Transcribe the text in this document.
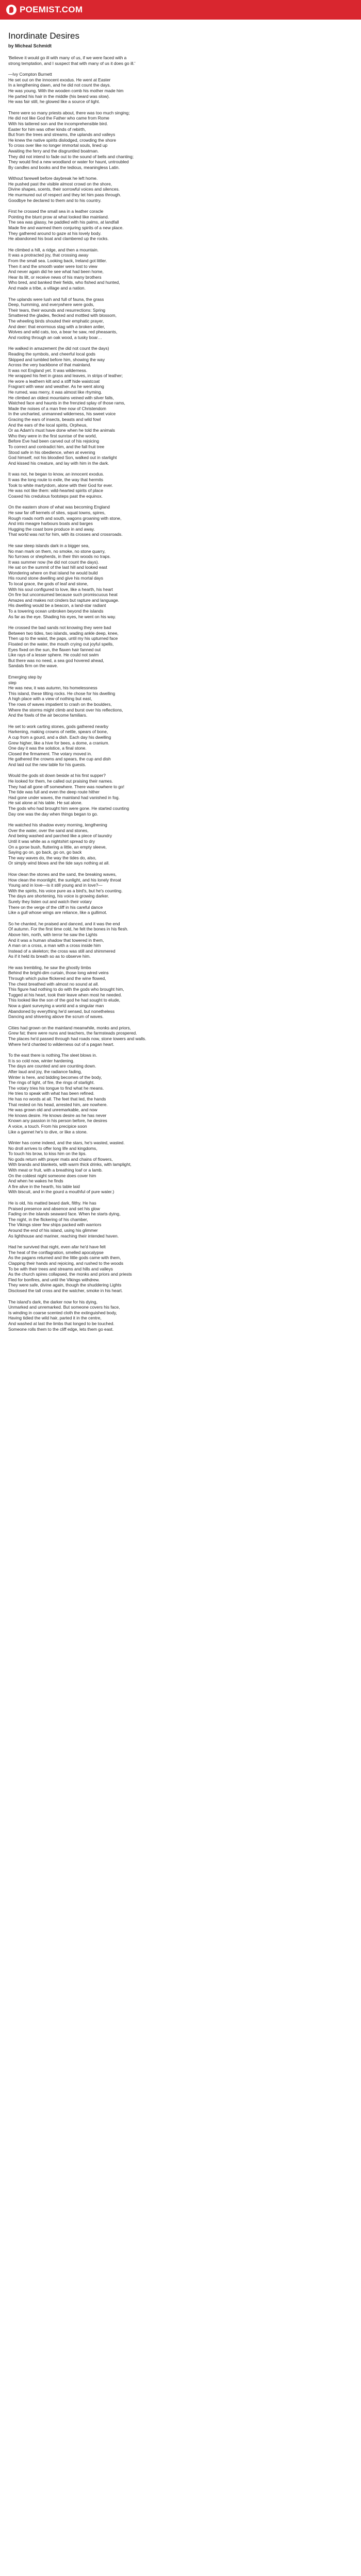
POEMIST.COM
Inordinate Desires
by Micheal Schmidt
'Believe it would go ill with many of us, if we were faced with a
strong temptation, and I suspect that with many of us it does go ill.'
—Ivy Compton Burnett
He set out on the innocent exodus. He went at Easter
In a lengthening dawn, and he did not count the days.
He was young. With the wooden comb his mother made him
He parted his hair in the middle (his beard was slow).
He was fair still, he glowed like a source of light.
There were so many priests about, there was too much singing;
He did not like God the Father who came from Rome
With his tattered son and the incomprehensible bird.
Easter for him was other kinds of rebirth,
But from the trees and streams, the uplands and valleys
He knew the native spirits dislodged, crowding the shore
To cross over like no longer immortal souls, lined up
Awaiting the ferry and the disgruntled boatman.
They did not intend to fade out to the sound of bells and chanting;
They would find a new woodland or water for haunt, untroubled
By candles and books and the tedious, meaningless Latin.
Without farewell before daybreak he left home.
He pushed past the visible almost crowd on the shore,
Divine shapes, scents, their sorrowful voices and silences.
He murmured out of respect and they let him pass through.
Goodbye he declared to them and to his country.
First he crossed the small sea in a leather coracle
Pointing the blunt prow at what looked like mainland.
The sea was glassy, he paddled with his palms, at landfall
Made fire and warmed them conjuring spirits of a new place.
They gathered around to gaze at his lovely body.
He abandoned his boat and clambered up the rocks.
He climbed a hill, a ridge, and then a mountain.
It was a protracted joy, that crossing away
From the small sea. Looking back, Ireland got littler.
Then it and the smooth water were lost to view
And never again did he see what had been home,
Hear its lilt, or receive news of his many brothers
Who bred, and banked their fields, who fished and hunted,
And made a tribe, a village and a nation.
The uplands were lush and full of fauna, the grass
Deep, humming, and everywhere were gods,
Their tears, their wounds and resurrections: Spring
Smattered the glades, flecked and mottled with blossom,
The wheeling birds shouted their emphatic prayer,
And deer: that enormous stag with a broken antler,
Wolves and wild cats, too, a bear he saw, red pheasants,
And rooting through an oak wood, a tusky boar…
He walked in amazement (he did not count the days)
Reading the symbols, and cheerful local gods
Skipped and tumbled before him, showing the way
Across the very backbone of that mainland.
It was not England yet. It was wilderness.
He wrapped his feet in grass and leaves, in strips of leather;
He wore a leathern kilt and a stiff hide waistcoat
Fragrant with wear and weather. As he went along
He rumed, was merry, it was almost like rhyming.
He climbed an oldest mountains veined with silver falls,
Watched face and haunts in the frenzied splay of those rams,
Made the noises of a man free now of Christendom
In the uncharted, unmanned wilderness, his sweet voice
Gracing the ears of insects, beasts and wild fowl
And the ears of the local spirits, Orpheus,
Or as Adam's must have done when he told the animals
Who they were in the first sunrise of the world,
Before Eve had been carved out of his rejoicing
To correct and contradict him, and the fall fruit tree
Stood safe in his obedience, when at evening
God himself, not his bloodied Son, walked out in starlight
And kissed his creature, and lay with him in the dark.
It was not, he began to know, an innocent exodus.
It was the long route to exile, the way that hermits
Took to white martyrdom, alone with their God for ever.
He was not like them: wild-hearted spirits of place
Coaxed his credulous footsteps past the equinox.
On the eastern shore of what was becoming England
He saw far off kernels of sites, squat towns, spires,
Rough roads north and south, wagons groaning with stone,
And into meagre harbours boats and barges
Hugging the coast bore produce in and away.
That world was not for him, with its crosses and crossroads.
He saw steep islands dark in a bigger sea,
No man mark on them, no smoke, no stone quarry,
No furrows or shepherds, in their thin woods no traps.
It was summer now (he did not count the days).
He sat on the summit of the last hill and looked east
Wondering where on that island he would build
His round stone dwelling and give his mortal days
To local grace, the gods of leaf and stone,
With his soul configured to love, like a hearth, his heart
On fire but unconsumed because such promiscuous heat
Amazes and makes not cinders but rapture and language.
His dwelling would be a beacon, a land-star radiant
To a towering ocean unbroken beyond the islands
As far as the eye. Shading his eyes, he went on his way.
He crossed the bad sands not knowing they were bad
Between two tides, two islands, wading ankle deep, knee,
Then up to the waist, the paps, until my his upturned face
Floated on the water, the mouth crying out joyful spells,
Eyes fixed on the sun, the flaxen hair fanned out
Like rays of a lesser sphere. He could not swim
But there was no need, a sea god hovered ahead,
Sandals firm on the wave.
Emerging step by
step
He was new, it was autumn, his homelessness
This island, these tilting rocks. He chose for his dwelling
A high place with a view of nothing but east,
The rows of waves impatient to crash on the boulders,
Where the storms might climb and burst over his reflections,
And the fowls of the air become familiars.
He set to work carting stones, gods gathered nearby
Harkening, making crowns of nettle, spears of bone,
A cup from a gourd, and a dish. Each day his dwelling
Grew higher, like a hive for bees, a dome, a cranium.
One day it was the solstice, a final stone.
Closed the firmament. The votary moved in.
He gathered the crowns and spears, the cup and dish
And laid out the new table for his guests.
Would the gods sit down beside at his first supper?
He looked for them, he called out praising their names.
They had all gone off somewhere. There was nowhere to go!
The tide was full and even the deep route hither
Had gone under waves, the mainland had vanished in fog.
He sat alone at his table. He sat alone.
The gods who had brought him were gone. He started counting
Day one was the day when things began to go.
He watched his shadow every morning, lengthening
Over the water, over the sand and stones,
And being washed and parched like a piece of laundry
Until it was white as a nightshirt spread to dry
On a gorse bush, fluttering a little, an empty sleeve,
Saying go on, go back, go on, go back
The way waves do, the way the tides do, also,
Or simply wind blows and the tide says nothing at all.
How clean the stones and the sand, the breaking waves,
How clean the moonlight, the sunlight, and his lonely throat
Young and in love—is it still young and in love?—
With the spirits, his voice pure as a bird's, but he's counting.
The days are shortening, his voice is growing darker.
Surely they listen out and watch their votary
There on the verge of the cliff in his careful dance
Like a gull whose wings are reliance, like a gullimot.
So he chanted, he praised and danced, and it was the end
Of autumn. For the first time cold, he felt the bones in his flesh.
Above him, north, with terror he saw the Lights
And it was a human shadow that towered in them,
A man on a cross, a man with a cross inside him
Instead of a skeleton; the cross was still and shimmered
As if it held its breath so as to observe him.
He was trembling, he saw the ghostly limbs
Behind the bright-dim curtain, those long wired veins
Through which pulse flickered and the wine flowed,
The chest breathed with almost no sound at all.
This figure had nothing to do with the gods who brought him,
Tugged at his heart, took their leave when most he needed.
This looked like the son of the god he had sought to elude,
Now a giant surveying a world and a singular man
Abandoned by everything he'd sensed, but nonetheless
Dancing and shivering above the scrum of waves.
Cities had grown on the mainland meanwhile, monks and priors,
Grew fat; there were nuns and teachers, the farmsteads prospered.
The places he'd passed through had roads now, stone towers and walls.
Where he'd chanted to wilderness out of a pagan heart.
To the east there is nothing.The sleet blows in.
It is so cold now, winter hardening.
The days are counted and are counting down.
After laud and joy, the radiance fading,
Winter is here, and bidding becomes of the body,
The rings of light, of fire, the rings of starlight.
The votary tries his tongue to find what he means.
He tries to speak with what has been refined.
He has no words at all. The feet that led, the hands
That rested on his head, arrested him, are nowhere.
He was grown old and unremarkable, and now
He knows desire. He knows desire as he has never
Known any passion in his person before, he desires
A voice, a touch. From his precipice soon
Like a gannet he's to dive, or like a stone.
Winter has come indeed, and the stars, he's wasted, wasted.
No droll arrives to offer long life and kingdoms,
To touch his brow, to kiss him on the lips.
No gods return with prayer mats and chains of flowers,
With brands and blankets, with warm thick drinks, with lamplight,
With meat or fruit, with a breathing loaf or a lamb.
On the coldest night someone does cover him
And when he wakes he finds
A fire alive in the hearth, his table laid
With biscuit, and in the gourd a mouthful of pure water.)
He is old, his matted beard dark, filthy. He has
Praised presence and absence and set his glow
Fading on the islands seaward face. When he starts dying,
The night, in the flickering of his chamber,
The Vikings steer few ships packed with warriors
Around the end of his island, using his glimmer
As lighthouse and mariner, reaching their intended haven.
Had he survived that night, even afar he'd have felt
The heat of the conflagration, smelled apocalypse
As the pagans returned and the little gods came with them,
Clapping their hands and rejoicing, and rushed to the woods
To be with their trees and streams and hills and valleys
As the church spires collapsed, the monks and priors and priests
Fled for bonfires, and until the Vikings withdrew.
They were safe, divine again, though the shuddering Lights
Disclosed the tall cross and the watcher, smoke in his heart.
The island's dark, the darker now for his dying,
Unmarked and unremarked. But someone covers his face,
Is winding in coarse scented cloth the extinguished body,
Having tidied the wild hair, parted it in the centre,
And washed at last the limbs that longed to be touched.
Someone rolls them to the cliff edge, lets them go east.
